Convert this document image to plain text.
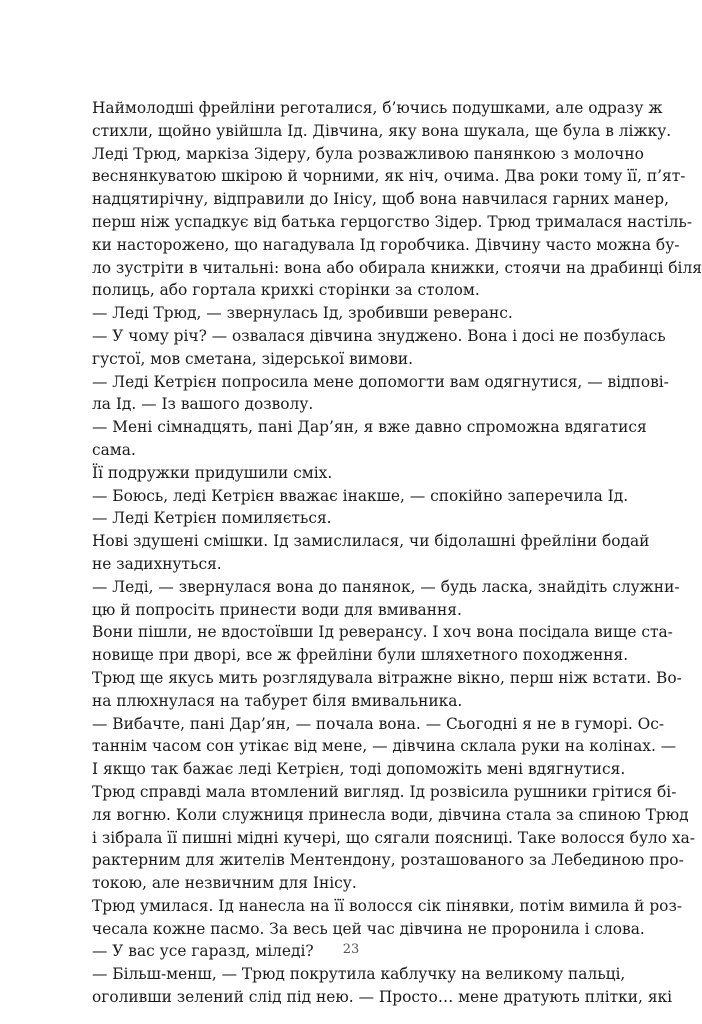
Наймолодші фрейліни реготалися, б’ючись подушками, але одразу ж
стихли, щойно увійшла Ід. Дівчина, яку вона шукала, ще була в ліжку.
Леді Трюд, маркіза Зідеру, була розважливою панянкою з молочно
веснянкуватою шкірою й чорними, як ніч, очима. Два роки тому її, п’ят-
надцятирічну, відправили до Інісу, щоб вона навчилася гарних манер,
перш ніж успадкує від батька герцогство Зідер. Трюд трималася настіль-
ки насторожено, що нагадувала Ід горобчика. Дівчину часто можна бу-
ло зустріти в читальні: вона або обирала книжки, стоячи на драбинці біля
полиць, або гортала крихкі сторінки за столом.
— Леді Трюд, — звернулась Ід, зробивши реверанс.
— У чому річ? — озвалася дівчина знуджено. Вона і досі не позбулась
густої, мов сметана, зідерської вимови.
— Леді Кетрієн попросила мене допомогти вам одягнутися, — відпові-
ла Ід. — Із вашого дозволу.
— Мені сімнадцять, пані Дар’ян, я вже давно спроможна вдягатися
сама.
Її подружки придушили сміх.
— Боюсь, леді Кетрієн вважає інакше, — спокійно заперечила Ід.
— Леді Кетрієн помиляється.
Нові здушені смішки. Ід замислилася, чи бідолашні фрейліни бодай
не задихнуться.
— Леді, — звернулася вона до панянок, — будь ласка, знайдіть служни-
цю й попросіть принести води для вмивання.
Вони пішли, не вдостоївши Ід реверансу. І хоч вона посідала вище ста-
новище при дворі, все ж фрейліни були шляхетного походження.
Трюд ще якусь мить розглядувала вітражне вікно, перш ніж встати. Во-
на плюхнулася на табурет біля вмивальника.
— Вибачте, пані Дар’ян, — почала вона. — Сьогодні я не в гуморі. Ос-
таннім часом сон утікає від мене, — дівчина склала руки на колінах. —
І якщо так бажає леді Кетрієн, тоді допоможіть мені вдягнутися.
Трюд справді мала втомлений вигляд. Ід розвісила рушники грітися бі-
ля вогню. Коли служниця принесла води, дівчина стала за спиною Трюд
і зібрала її пишні мідні кучері, що сягали поясниці. Таке волосся було ха-
рактерним для жителів Ментендону, розташованого за Лебединою про-
токою, але незвичним для Інісу.
Трюд умилася. Ід нанесла на її волосся сік пінявки, потім вимила й роз-
чесала кожне пасмо. За весь цей час дівчина не проронила і слова.
— У вас усе гаразд, міледі?
— Більш-менш, — Трюд покрутила каблучку на великому пальці,
оголивши зелений слід під нею. — Просто… мене дратують плітки, які
23
